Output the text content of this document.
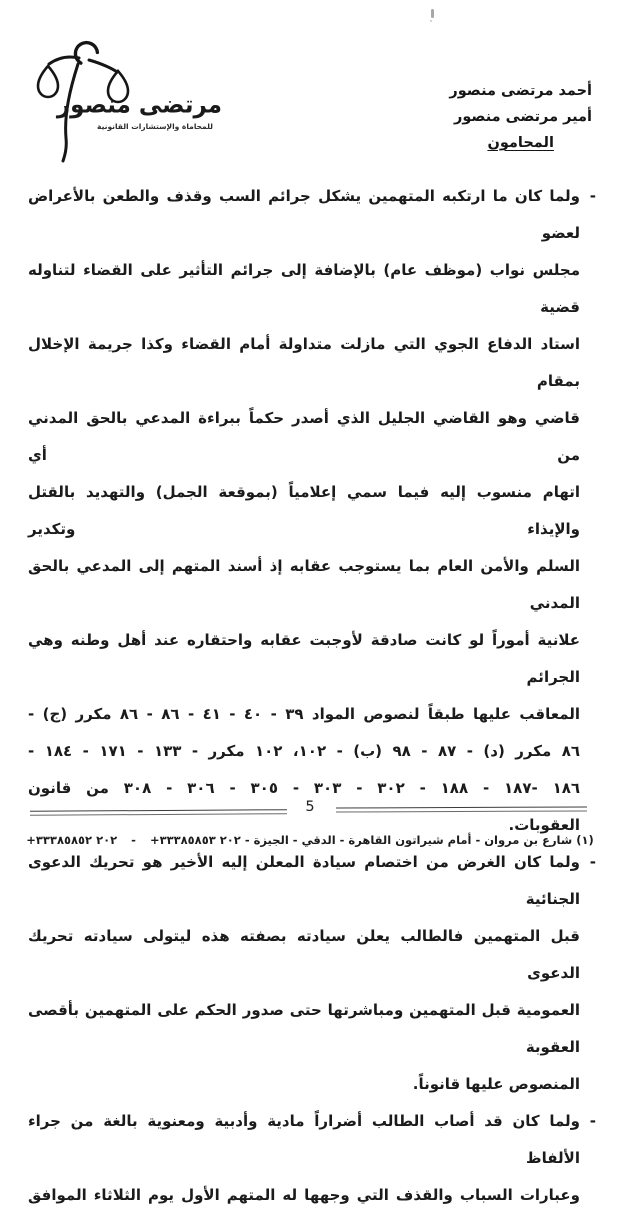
مرتضى منصور
للمحاماة والإستشارات القانونية
أحمد مرتضى منصور
أمير مرتضى منصور
المحامون
-
ولما كان ما ارتكبه المتهمين يشكل جرائم السب وقذف والطعن بالأعراض لعضو
مجلس نواب (موظف عام) بالإضافة إلى جرائم التأثير على القضاء لتناوله قضية
استاد الدفاع الجوي التي مازلت متداولة أمام القضاء وكذا جريمة الإخلال بمقام
قاضي وهو القاضي الجليل الذي أصدر حكماً ببراءة المدعي بالحق المدني من أي
اتهام منسوب إليه فيما سمي إعلامياً (بموقعة الجمل) والتهديد بالقتل والإيذاء وتكدير
السلم والأمن العام بما يستوجب عقابه إذ أسند المتهم إلى المدعي بالحق المدني
علانية أموراً لو كانت صادقة لأوجبت عقابه واحتقاره عند أهل وطنه وهي الجرائم
المعاقب عليها طبقاً لنصوص المواد ٣٩ - ٤٠ - ٤١ - ٨٦ - ٨٦ مكرر (ج) -
٨٦ مكرر (د) - ٨٧ - ٩٨ (ب) - ١٠٢، ١٠٢ مكرر - ١٣٣ - ١٧١ - ١٨٤ -
١٨٦ -١٨٧ - ١٨٨ - ٣٠٢ - ٣٠٣ - ٣٠٥ - ٣٠٦ - ٣٠٨ من قانون
العقوبات.
-
ولما كان الغرض من اختصام سيادة المعلن إليه الأخير هو تحريك الدعوى الجنائية
قبل المتهمين فالطالب يعلن سيادته بصفته هذه ليتولى سيادته تحريك الدعوى
العمومية قبل المتهمين ومباشرتها حتى صدور الحكم على المتهمين بأقصى العقوبة
المنصوص عليها قانوناً.
-
ولما كان قد أصاب الطالب أضراراً مادية وأدبية ومعنوية بالغة من جراء الألفاظ
وعبارات السباب والقذف التي وجهها له المتهم الأول يوم الثلاثاء الموافق
5
(١) شارع بن مروان - أمام شيراتون القاهرة - الدقي - الجيزة - +٢٠٢ ٣٣٣٨٥٨٥٢ - +٢٠٢ ٣٣٣٨٥٨٥٣
